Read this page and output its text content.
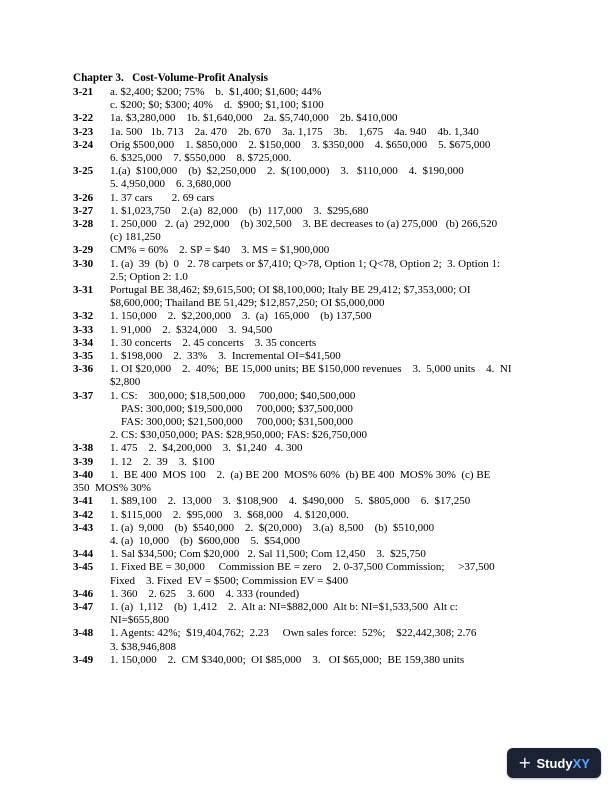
Chapter 3.   Cost-Volume-Profit Analysis
3-21	a. $2,400; $200; 75%    b.  $1,400; $1,600; 44%
c. $200; $0; $300; 40%    d.  $900; $1,100; $100
3-22	1a. $3,280,000    1b. $1,640,000    2a. $5,740,000    2b. $410,000
3-23	1a. 500   1b. 713    2a. 470    2b. 670    3a. 1,175    3b.    1,675    4a. 940    4b. 1,340
3-24	Orig $500,000    1. $850,000    2. $150,000    3. $350,000    4. $650,000    5. $675,000
6. $325,000    7. $550,000    8. $725,000.
3-25	1.(a)  $100,000    (b)  $2,250,000    2.  $(100,000)    3.   $110,000    4.  $190,000
5. 4,950,000    6. 3,680,000
3-26	1. 37 cars       2. 69 cars
3-27	1. $1,023,750    2.(a)  82,000    (b)  117,000    3.  $295,680
3-28	1. 250,000   2. (a)  292,000    (b) 302,500    3. BE decreases to (a) 275,000   (b) 266,520
(c) 181,250
3-29	CM% = 60%    2. SP = $40    3. MS = $1,900,000
3-30	1. (a)  39  (b)  0   2. 78 carpets or $7,410; Q>78, Option 1; Q<78, Option 2;  3. Option 1:
2.5; Option 2: 1.0
3-31	Portugal BE 38,462; $9,615,500; OI $8,100,000; Italy BE 29,412; $7,353,000; OI
$8,600,000; Thailand BE 51,429; $12,857,250; OI $5,000,000
3-32	1. 150,000    2.  $2,200,000    3.  (a)  165,000    (b) 137,500
3-33	1. 91,000    2.  $324,000    3.  94,500
3-34	1. 30 concerts    2. 45 concerts    3. 35 concerts
3-35	1. $198,000    2.  33%    3.  Incremental OI=$41,500
3-36	1. OI $20,000    2.  40%;  BE 15,000 units; BE $150,000 revenues    3.  5,000 units    4.  NI
$2,800
3-37	1. CS:    300,000; $18,500,000     700,000; $40,500,000
PAS: 300,000; $19,500,000     700,000; $37,500,000
FAS: 300,000; $21,500,000     700,000; $31,500,000
2. CS: $30,050,000; PAS: $28,950,000; FAS: $26,750,000
3-38	1. 475    2.  $4,200,000    3.  $1,240   4. 300
3-39	1. 12    2.  39    3.  $100
3-40	1.  BE 400  MOS 100    2.  (a) BE 200  MOS% 60%  (b) BE 400  MOS% 30%  (c) BE
350  MOS% 30%
3-41	1. $89,100    2.  13,000    3.  $108,900    4.  $490,000    5.  $805,000    6.  $17,250
3-42	1. $115,000    2.  $95,000    3.  $68,000    4. $120,000.
3-43	1. (a)  9,000    (b)  $540,000    2.  $(20,000)    3.(a)  8,500    (b)  $510,000
4. (a)  10,000    (b)  $600,000    5.  $54,000
3-44	1. Sal $34,500; Com $20,000   2. Sal 11,500; Com 12,450    3.  $25,750
3-45	1. Fixed BE = 30,000     Commission BE = zero    2. 0-37,500 Commission;     >37,500
Fixed    3. Fixed  EV = $500; Commission EV = $400
3-46	1. 360    2. 625    3. 600    4. 333 (rounded)
3-47	1. (a)  1,112    (b)  1,412    2.  Alt a: NI=$882,000  Alt b: NI=$1,533,500  Alt c:
NI=$655,800
3-48	1. Agents: 42%;  $19,404,762;  2.23     Own sales force:  52%;    $22,442,308; 2.76
3. $38,946,808
3-49	1. 150,000    2.  CM $340,000;  OI $85,000    3.   OI $65,000;  BE 159,380 units
+ StudyXY
